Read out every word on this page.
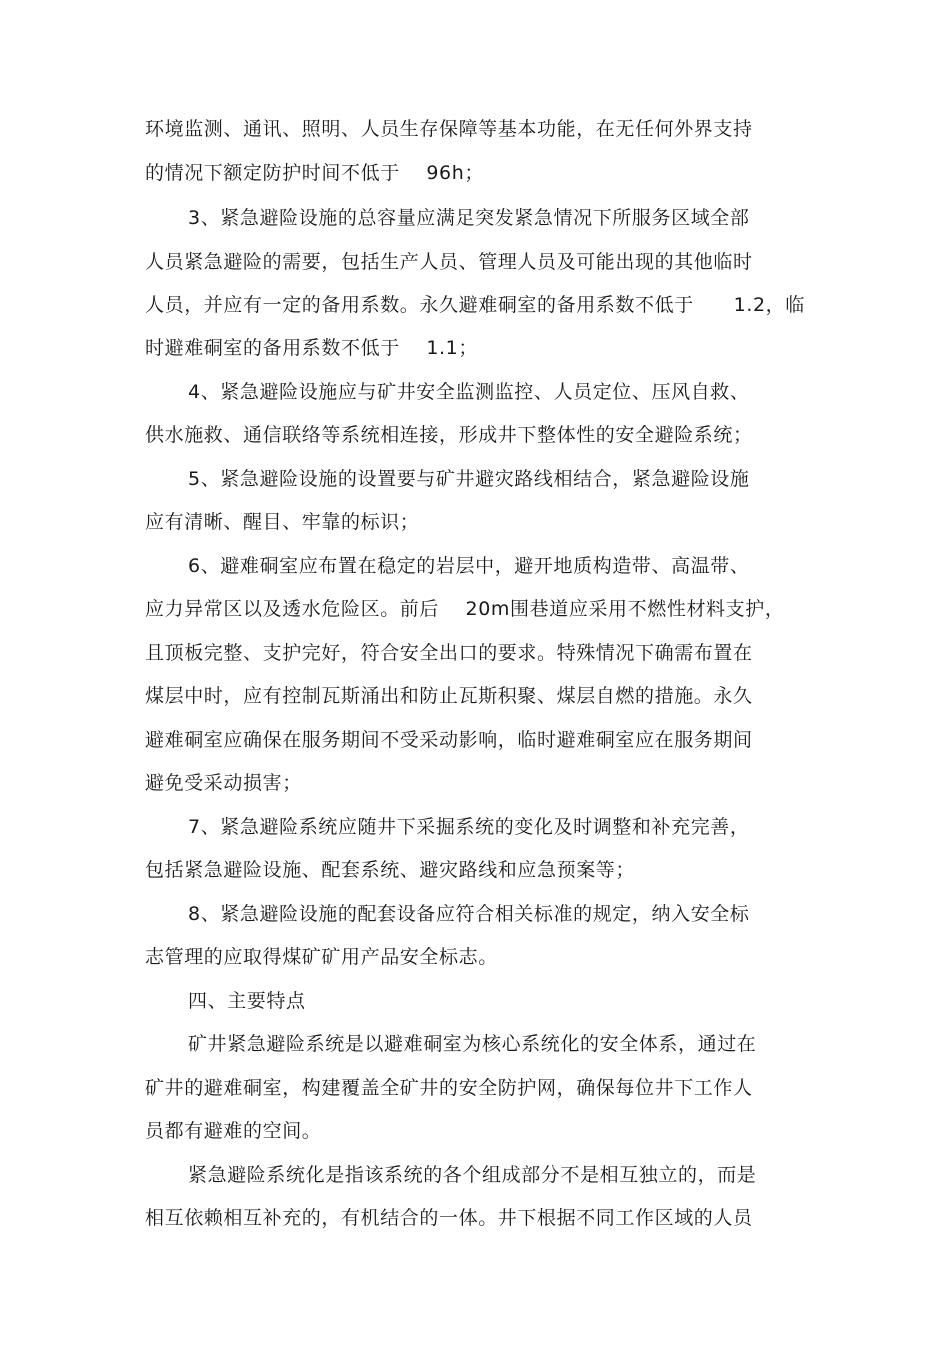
环境监测、通讯、照明、人员生存保障等基本功能，在无任何外界支持
的情况下额定防护时间不低于    96h；
3、紧急避险设施的总容量应满足突发紧急情况下所服务区域全部
人员紧急避险的需要，包括生产人员、管理人员及可能出现的其他临时
人员，并应有一定的备用系数。永久避难硐室的备用系数不低于      1.2，临
时避难硐室的备用系数不低于    1.1；
4、紧急避险设施应与矿井安全监测监控、人员定位、压风自救、
供水施救、通信联络等系统相连接，形成井下整体性的安全避险系统；
5、紧急避险设施的设置要与矿井避灾路线相结合，紧急避险设施
应有清晰、醒目、牢靠的标识；
6、避难硐室应布置在稳定的岩层中，避开地质构造带、高温带、
应力异常区以及透水危险区。前后    20m围巷道应采用不燃性材料支护，
且顶板完整、支护完好，符合安全出口的要求。特殊情况下确需布置在
煤层中时，应有控制瓦斯涌出和防止瓦斯积聚、煤层自燃的措施。永久
避难硐室应确保在服务期间不受采动影响，临时避难硐室应在服务期间
避免受采动损害；
7、紧急避险系统应随井下采掘系统的变化及时调整和补充完善，
包括紧急避险设施、配套系统、避灾路线和应急预案等；
8、紧急避险设施的配套设备应符合相关标准的规定，纳入安全标
志管理的应取得煤矿矿用产品安全标志。
四、主要特点
矿井紧急避险系统是以避难硐室为核心系统化的安全体系，通过在
矿井的避难硐室，构建覆盖全矿井的安全防护网，确保每位井下工作人
员都有避难的空间。
紧急避险系统化是指该系统的各个组成部分不是相互独立的，而是
相互依赖相互补充的，有机结合的一体。井下根据不同工作区域的人员
